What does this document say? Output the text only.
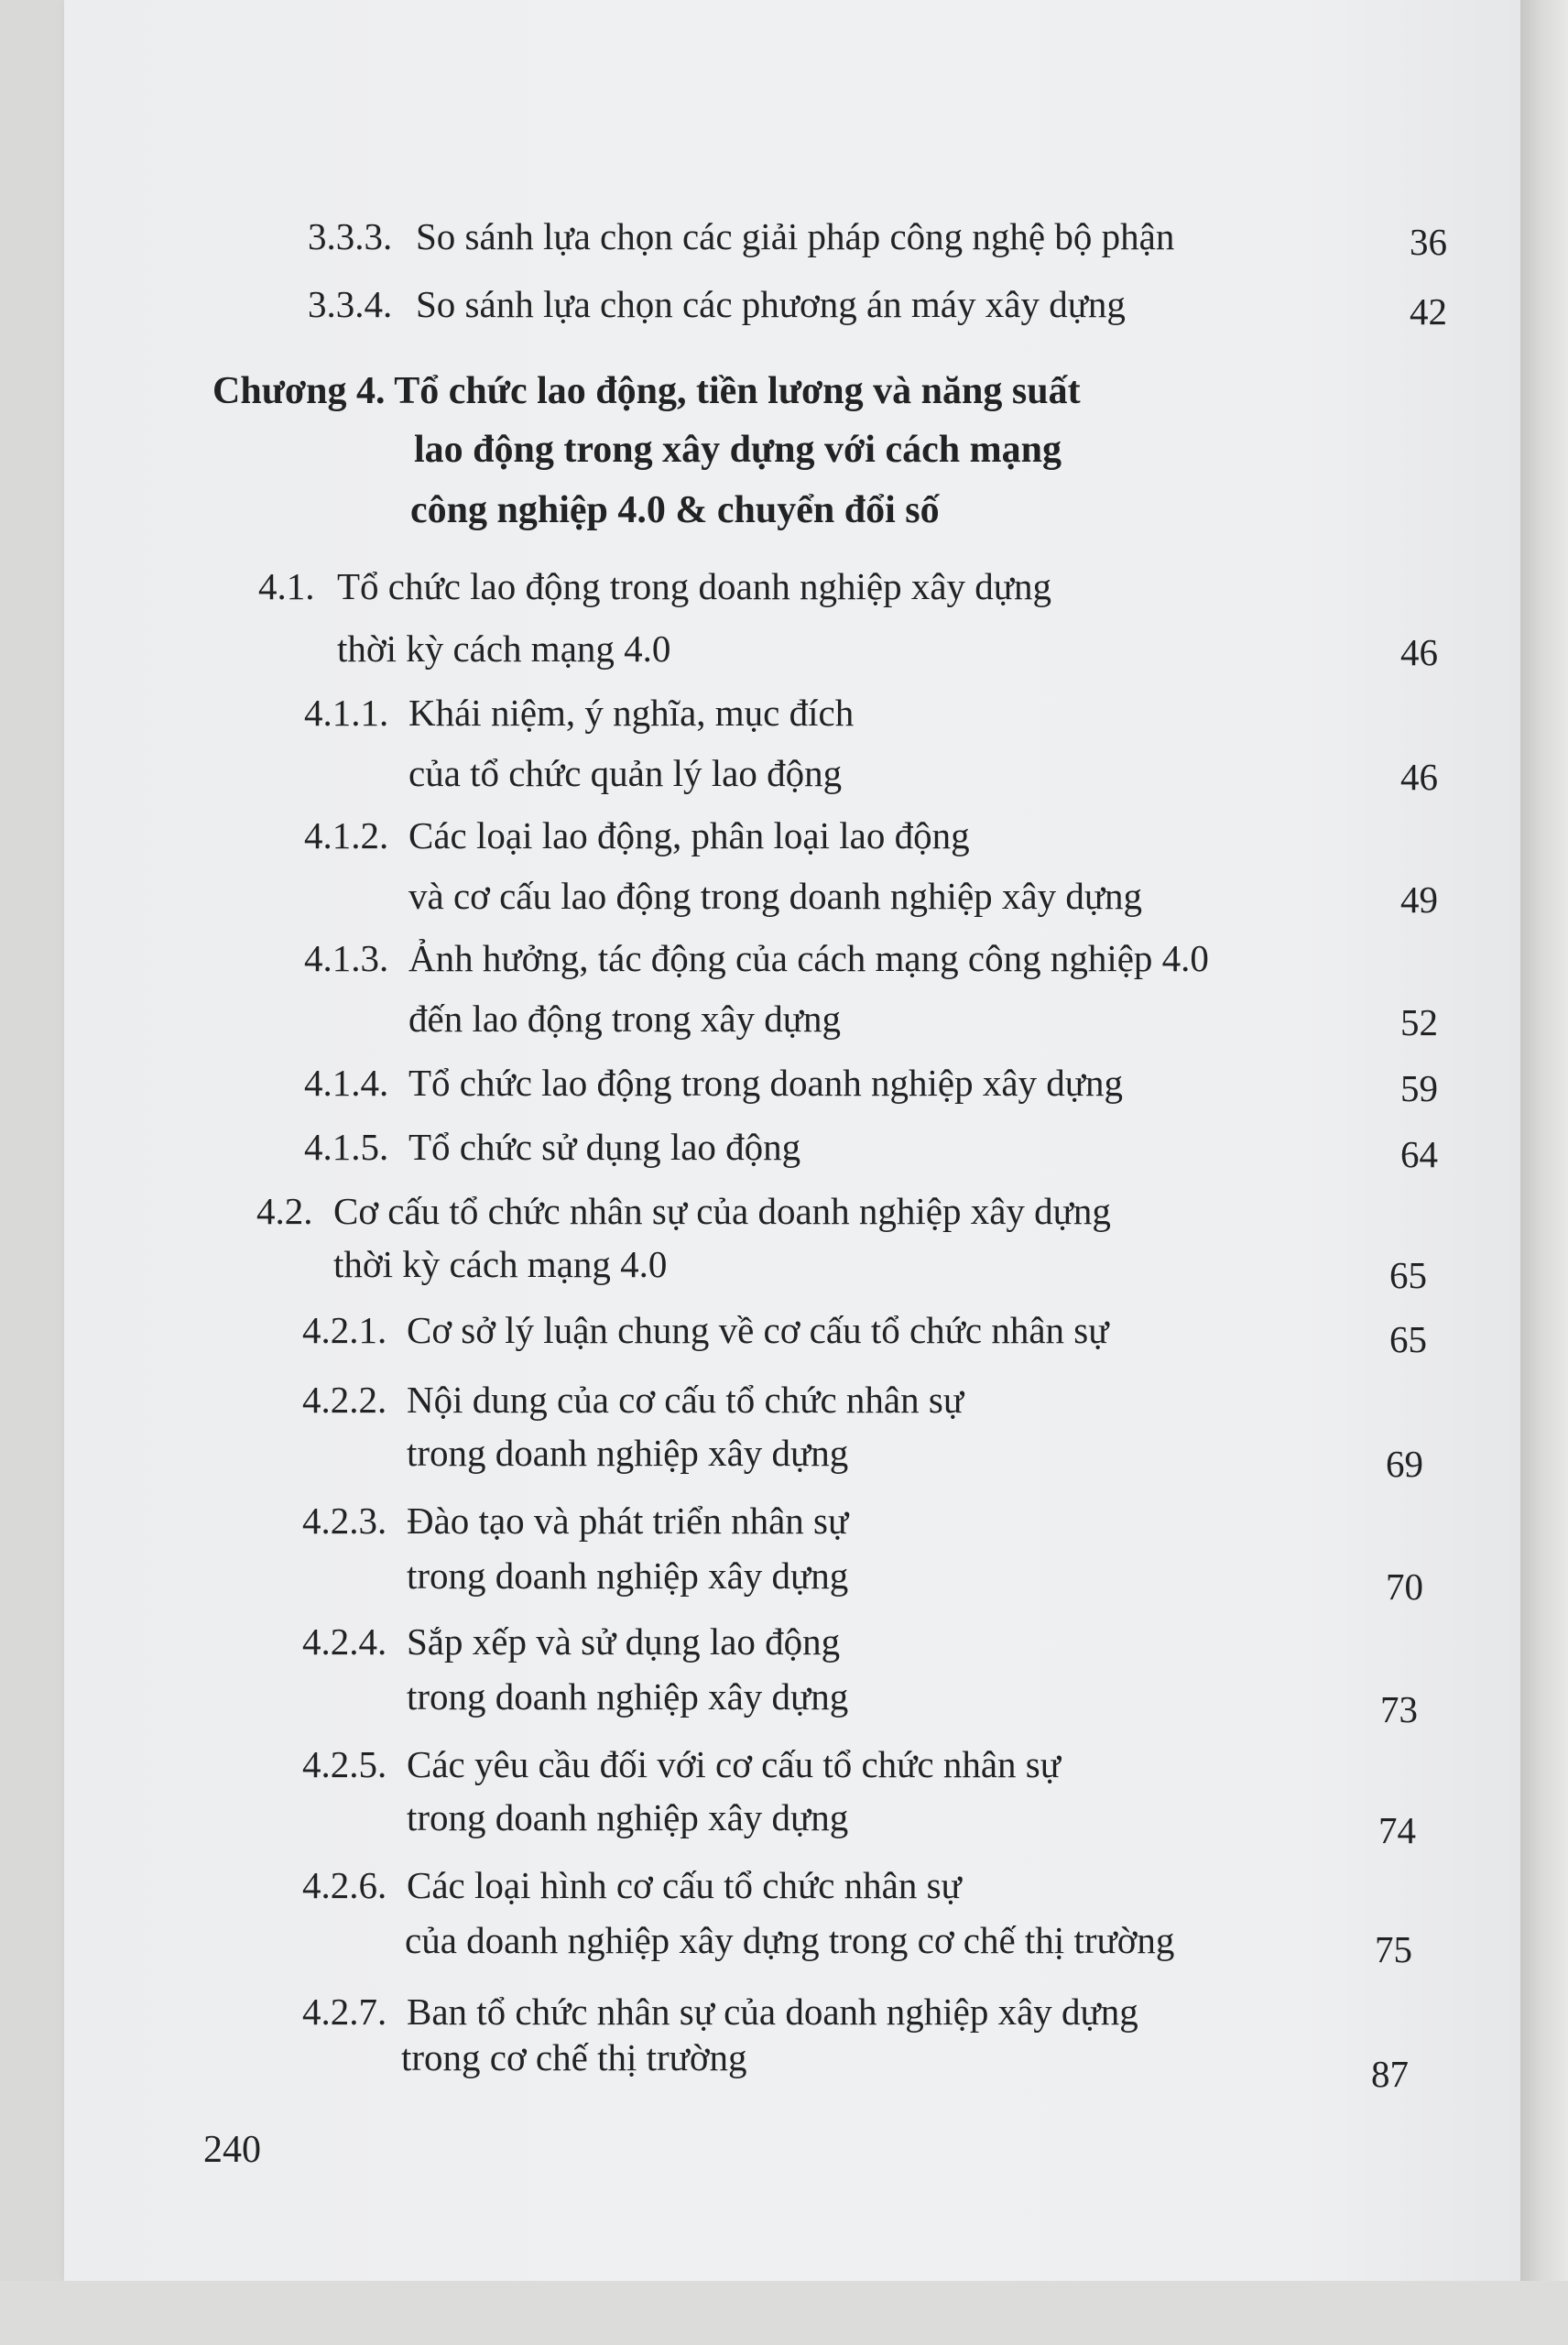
3.3.3. So sánh lựa chọn các giải pháp công nghệ bộ phận	36
3.3.4. So sánh lựa chọn các phương án máy xây dựng	42
Chương 4. Tổ chức lao động, tiền lương và năng suất
lao động trong xây dựng với cách mạng
công nghiệp 4.0 & chuyển đổi số
4.1. Tổ chức lao động trong doanh nghiệp xây dựng
thời kỳ cách mạng 4.0	46
4.1.1. Khái niệm, ý nghĩa, mục đích
của tổ chức quản lý lao động	46
4.1.2. Các loại lao động, phân loại lao động
và cơ cấu lao động trong doanh nghiệp xây dựng	49
4.1.3. Ảnh hưởng, tác động của cách mạng công nghiệp 4.0
đến lao động trong xây dựng	52
4.1.4. Tổ chức lao động trong doanh nghiệp xây dựng	59
4.1.5. Tổ chức sử dụng lao động	64
4.2. Cơ cấu tổ chức nhân sự của doanh nghiệp xây dựng
thời kỳ cách mạng 4.0	65
4.2.1. Cơ sở lý luận chung về cơ cấu tổ chức nhân sự	65
4.2.2. Nội dung của cơ cấu tổ chức nhân sự
trong doanh nghiệp xây dựng	69
4.2.3. Đào tạo và phát triển nhân sự
trong doanh nghiệp xây dựng	70
4.2.4. Sắp xếp và sử dụng lao động
trong doanh nghiệp xây dựng	73
4.2.5. Các yêu cầu đối với cơ cấu tổ chức nhân sự
trong doanh nghiệp xây dựng	74
4.2.6. Các loại hình cơ cấu tổ chức nhân sự
của doanh nghiệp xây dựng trong cơ chế thị trường	75
4.2.7. Ban tổ chức nhân sự của doanh nghiệp xây dựng
trong cơ chế thị trường	87
240
